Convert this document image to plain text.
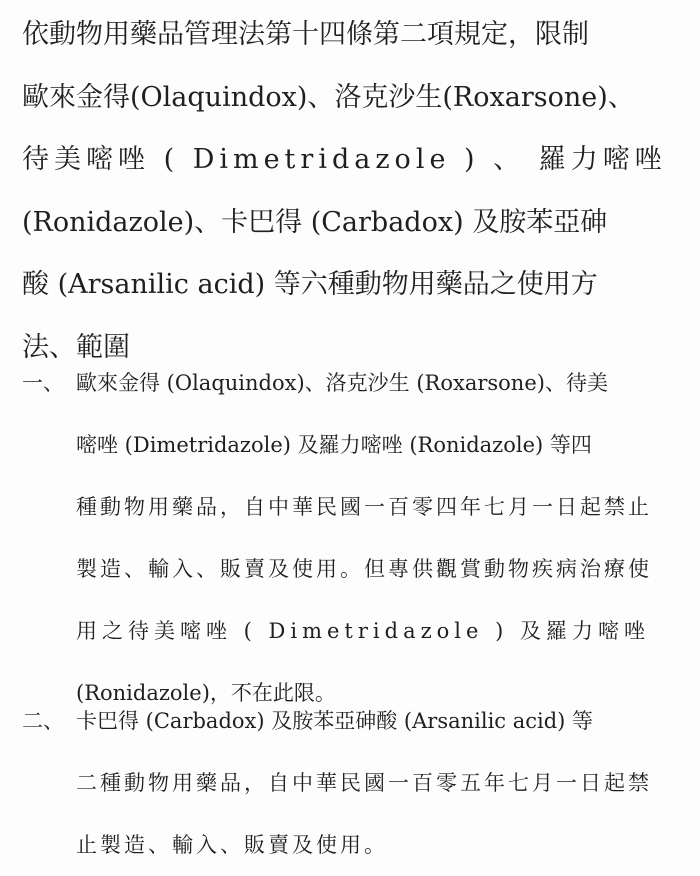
依動物用藥品管理法第十四條第二項規定，限制
歐來金得(Olaquindox)、洛克沙生(Roxarsone)、
待美嘧唑 ( Dimetridazole ) 、 羅力嘧唑
(Ronidazole)、卡巴得 (Carbadox) 及胺苯亞砷
酸 (Arsanilic acid) 等六種動物用藥品之使用方
法、範圍
一、 歐來金得 (Olaquindox)、洛克沙生 (Roxarsone)、待美
嘧唑 (Dimetridazole) 及羅力嘧唑 (Ronidazole) 等四
種動物用藥品，自中華民國一百零四年七月一日起禁止
製造、輸入、販賣及使用。但專供觀賞動物疾病治療使
用之待美嘧唑 ( Dimetridazole ) 及羅力嘧唑
(Ronidazole)，不在此限。
二、 卡巴得 (Carbadox) 及胺苯亞砷酸 (Arsanilic acid) 等
二種動物用藥品，自中華民國一百零五年七月一日起禁
止製造、輸入、販賣及使用。
